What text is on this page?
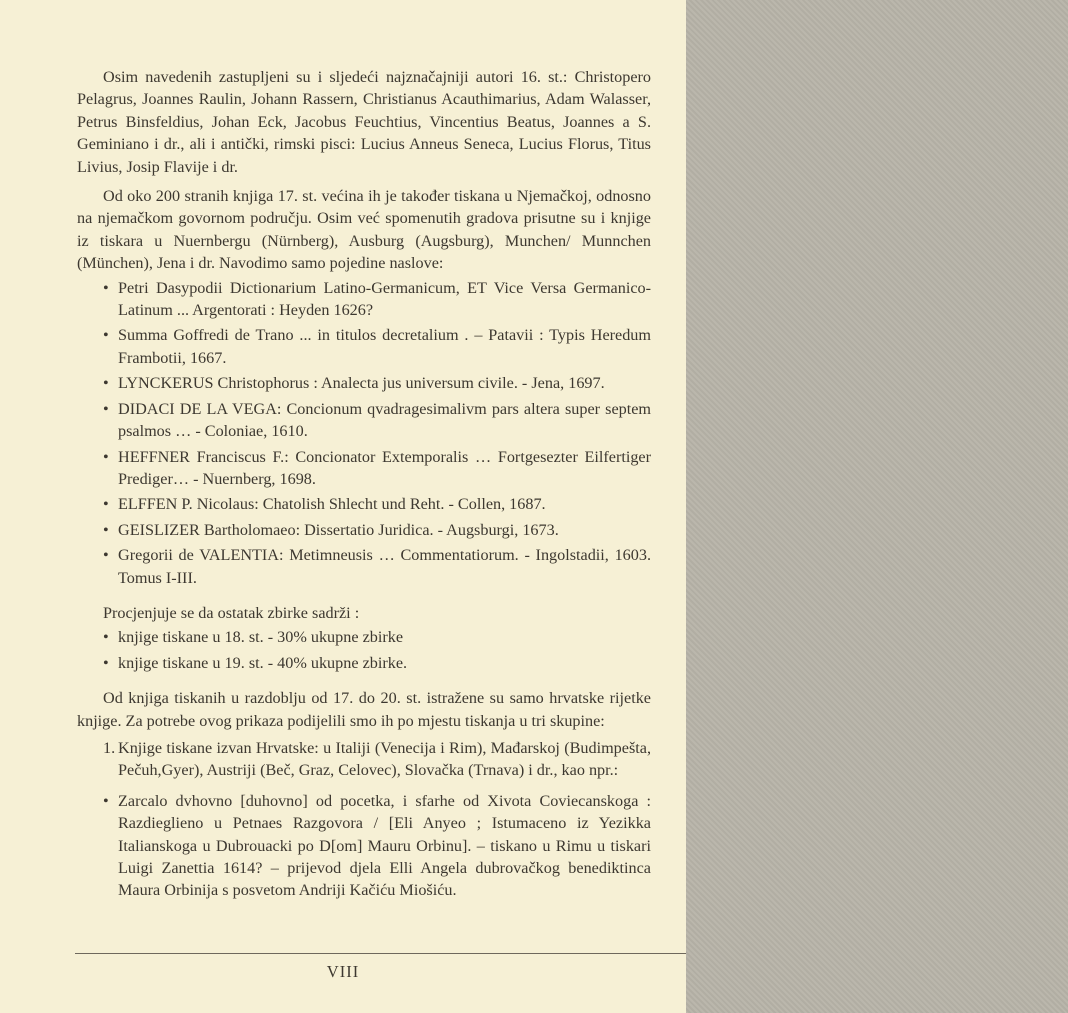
Osim navedenih zastupljeni su i sljedeći najznačajniji autori 16. st.: Christopero Pelagrus, Joannes Raulin, Johann Rassern, Christianus Acauthimarius, Adam Walasser, Petrus Binsfeldius, Johan Eck, Jacobus Feuchtius, Vincentius Beatus, Joannes a S. Geminiano i dr., ali i antički, rimski pisci: Lucius Anneus Seneca, Lucius Florus, Titus Livius, Josip Flavije i dr.

Od oko 200 stranih knjiga 17. st. većina ih je također tiskana u Njemačkoj, odnosno na njemačkom govornom području. Osim već spomenutih gradova prisutne su i knjige iz tiskara u Nuernbergu (Nürnberg), Ausburg (Augsburg), Munchen/ Munnchen (München), Jena i dr. Navodimo samo pojedine naslove:

• Petri Dasypodii Dictionarium Latino-Germanicum, ET Vice Versa Germanico-Latinum ... Argentorati : Heyden 1626?
• Summa Goffredi de Trano ... in titulos decretalium . – Patavii : Typis Heredum Frambotii, 1667.
• LYNCKERUS Christophorus : Analecta jus universum civile. - Jena, 1697.
• DIDACI DE LA VEGA: Concionum qvadragesimalivm pars altera super septem psalmos … - Coloniae, 1610.
• HEFFNER Franciscus F.: Concionator Extemporalis … Fortgesezter Eilfertiger Prediger… - Nuernberg, 1698.
• ELFFEN P. Nicolaus: Chatolish Shlecht und Reht. - Collen, 1687.
• GEISLIZER Bartholomaeo: Dissertatio Juridica. - Augsburgi, 1673.
• Gregorii de VALENTIA: Metimneusis … Commentatiorum. - Ingolstadii, 1603. Tomus I-III.

Procjenjuje se da ostatak zbirke sadrži :

• knjige tiskane u 18. st. - 30% ukupne zbirke
• knjige tiskane u 19. st. - 40% ukupne zbirke.

Od knjiga tiskanih u razdoblju od 17. do 20. st. istražene su samo hrvatske rijetke knjige. Za potrebe ovog prikaza podijelili smo ih po mjestu tiskanja u tri skupine:

1. Knjige tiskane izvan Hrvatske: u Italiji (Venecija i Rim), Mađarskoj (Budimpešta, Pečuh,Gyer), Austriji (Beč, Graz, Celovec), Slovačka (Trnava) i dr., kao npr.:
• Zarcalo dvhovno [duhovno] od pocetka, i sfarhe od Xivota Coviecanskoga : Razdieglieno u Petnaes Razgovora / [Eli Anyeo ; Istumaceno iz Yezikka Italianskoga u Dubrouacki po D[om] Mauru Orbinu]. – tiskano u Rimu u tiskari Luigi Zanettia 1614? – prijevod djela Elli Angela dubrovačkog benediktinca Maura Orbinija s posvetom Andriji Kačiću Miošiću.
VIII
